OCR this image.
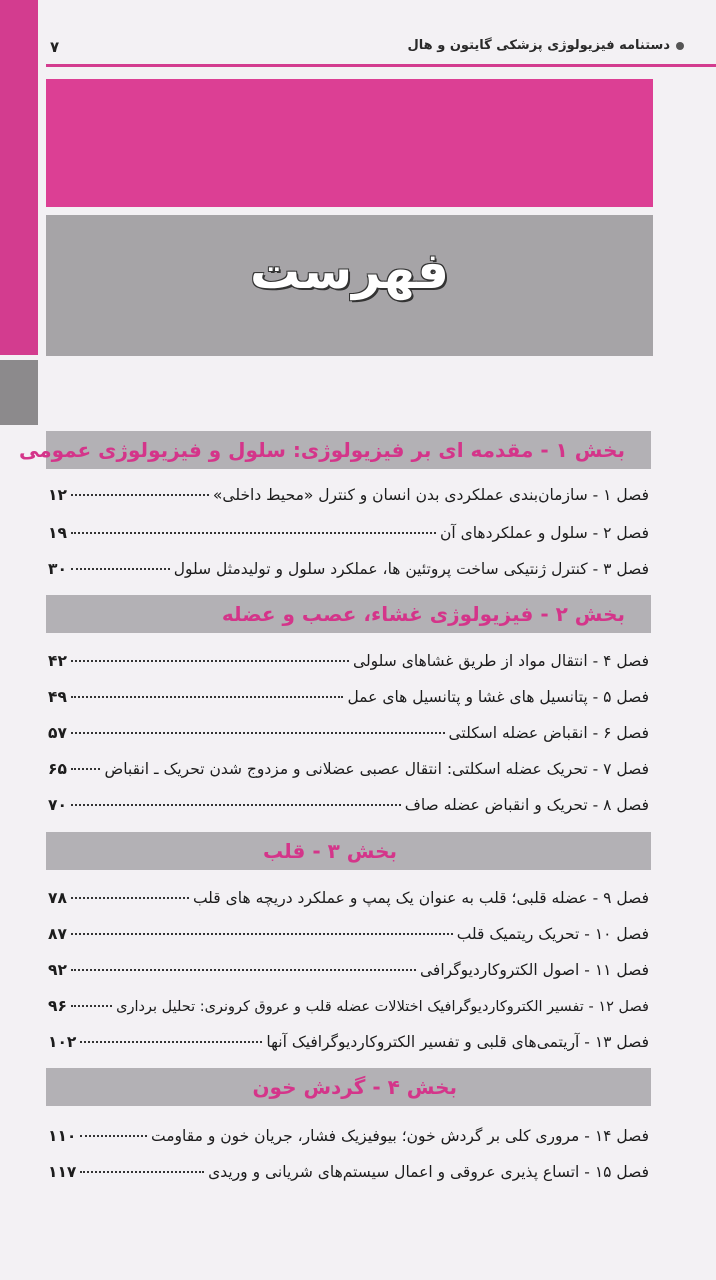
۷	دستنامه فیزیولوژی پزشکی گایتون و هال
فهرست
بخش ۱ - مقدمه ای بر فیزیولوژی: سلول و فیزیولوژی عمومی
فصل ۱ - سازمان‌بندی عملکردی بدن انسان و کنترل «محیط داخلی»
۱۲
فصل ۲ - سلول و عملکردهای آن
۱۹
فصل ۳ - کنترل ژنتیکی ساخت پروتئین ها، عملکرد سلول و تولیدمثل سلول
۳۰
بخش ۲ - فیزیولوژی غشاء، عصب و عضله
فصل ۴ - انتقال مواد از طریق غشاهای سلولی
۴۲
فصل ۵ - پتانسیل های غشا و پتانسیل های عمل
۴۹
فصل ۶ - انقباض عضله اسکلتی
۵۷
فصل ۷ - تحریک عضله اسکلتی: انتقال عصبی عضلانی و مزدوج شدن تحریک ـ انقباض
۶۵
فصل ۸ - تحریک و انقباض عضله صاف
۷۰
بخش ۳ - قلب
فصل ۹ - عضله قلبی؛ قلب به عنوان یک پمپ و عملکرد دریچه های قلب
۷۸
فصل ۱۰ - تحریک ریتمیک قلب
۸۷
فصل ۱۱ - اصول الکتروکاردیوگرافی
۹۲
فصل ۱۲ - تفسیر الکتروکاردیوگرافیک اختلالات عضله قلب و عروق کرونری: تحلیل برداری
۹۶
فصل ۱۳ - آریتمی‌های قلبی و تفسیر الکتروکاردیوگرافیک آنها
۱۰۲
بخش ۴ - گردش خون
فصل ۱۴ - مروری کلی بر گردش خون؛ بیوفیزیک فشار، جریان خون و مقاومت
۱۱۰
فصل ۱۵ - اتساع پذیری عروقی و اعمال سیستم‌های شریانی و وریدی
۱۱۷
